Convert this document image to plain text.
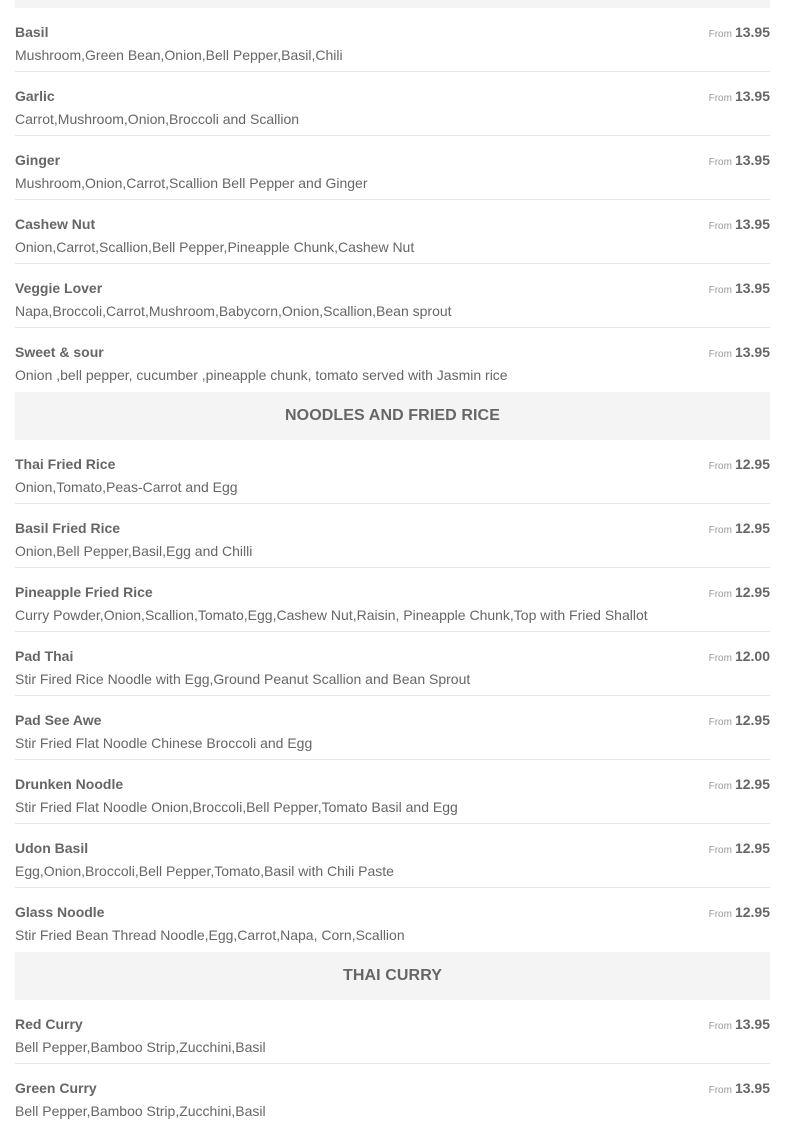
Basil
Mushroom,Green Bean,Onion,Bell Pepper,Basil,Chili
From 13.95
Garlic
Carrot,Mushroom,Onion,Broccoli and Scallion
From 13.95
Ginger
Mushroom,Onion,Carrot,Scallion Bell Pepper and Ginger
From 13.95
Cashew Nut
Onion,Carrot,Scallion,Bell Pepper,Pineapple Chunk,Cashew Nut
From 13.95
Veggie Lover
Napa,Broccoli,Carrot,Mushroom,Babycorn,Onion,Scallion,Bean sprout
From 13.95
Sweet & sour
Onion ,bell pepper, cucumber ,pineapple chunk, tomato served with Jasmin rice
From 13.95
NOODLES AND FRIED RICE
Thai Fried Rice
Onion,Tomato,Peas-Carrot and Egg
From 12.95
Basil Fried Rice
Onion,Bell Pepper,Basil,Egg and Chilli
From 12.95
Pineapple Fried Rice
Curry Powder,Onion,Scallion,Tomato,Egg,Cashew Nut,Raisin, Pineapple Chunk,Top with Fried Shallot
From 12.95
Pad Thai
Stir Fired Rice Noodle with Egg,Ground Peanut Scallion and Bean Sprout
From 12.00
Pad See Awe
Stir Fried Flat Noodle Chinese Broccoli and Egg
From 12.95
Drunken Noodle
Stir Fried Flat Noodle Onion,Broccoli,Bell Pepper,Tomato Basil and Egg
From 12.95
Udon Basil
Egg,Onion,Broccoli,Bell Pepper,Tomato,Basil with Chili Paste
From 12.95
Glass Noodle
Stir Fried Bean Thread Noodle,Egg,Carrot,Napa, Corn,Scallion
From 12.95
THAI CURRY
Red Curry
Bell Pepper,Bamboo Strip,Zucchini,Basil
From 13.95
Green Curry
Bell Pepper,Bamboo Strip,Zucchini,Basil
From 13.95
